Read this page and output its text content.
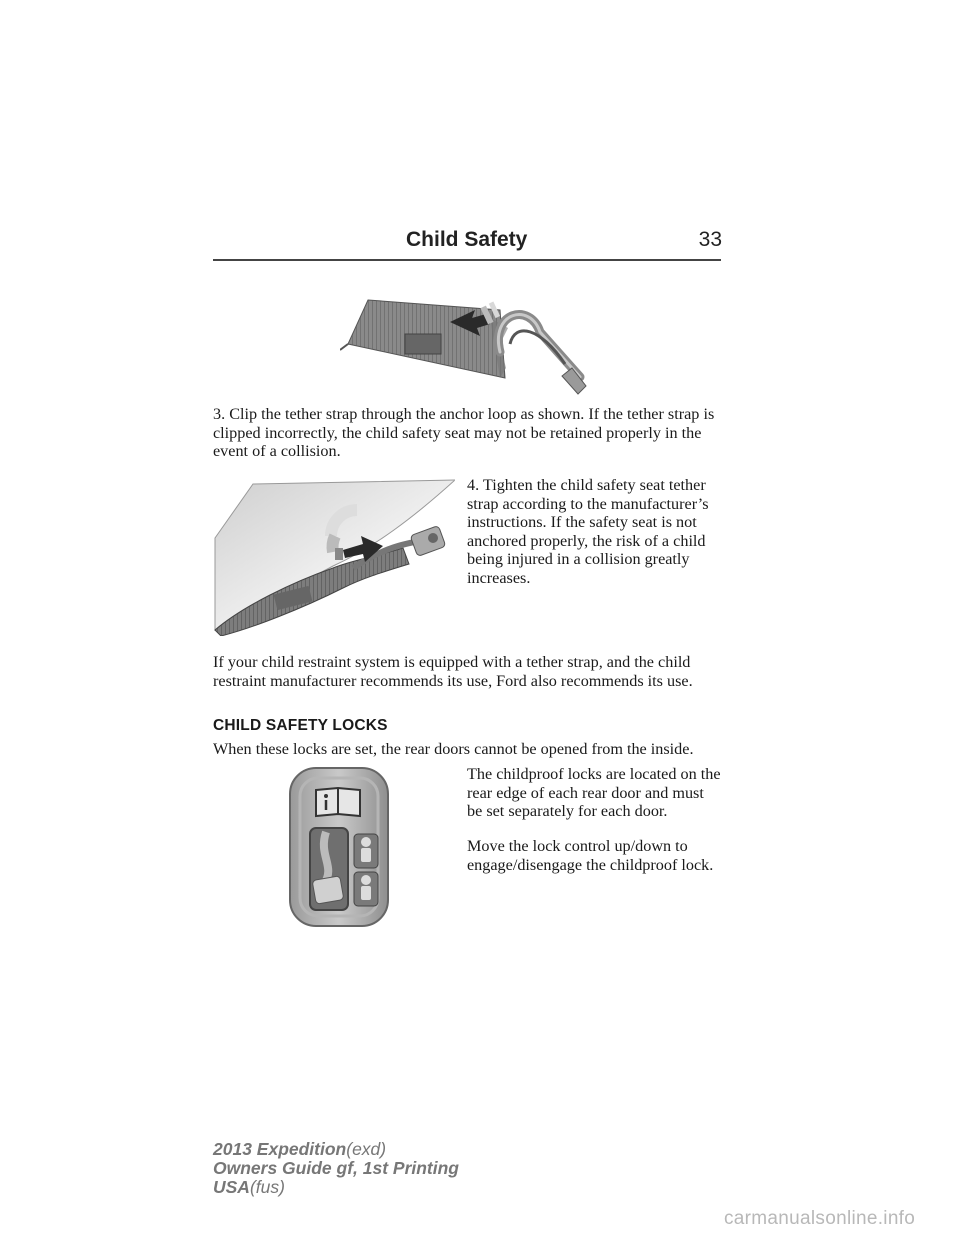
Child Safety	33

3. Clip the tether strap through the anchor loop as shown. If the tether strap is clipped incorrectly, the child safety seat may not be retained properly in the event of a collision.

4. Tighten the child safety seat tether strap according to the manufacturer’s instructions. If the safety seat is not anchored properly, the risk of a child being injured in a collision greatly increases.

If your child restraint system is equipped with a tether strap, and the child restraint manufacturer recommends its use, Ford also recommends its use.

CHILD SAFETY LOCKS

When these locks are set, the rear doors cannot be opened from the inside.

The childproof locks are located on the rear edge of each rear door and must be set separately for each door.

Move the lock control up/down to engage/disengage the childproof lock.

2013 Expedition(exd)
Owners Guide gf, 1st Printing
USA(fus)
carmanualsonline.info
